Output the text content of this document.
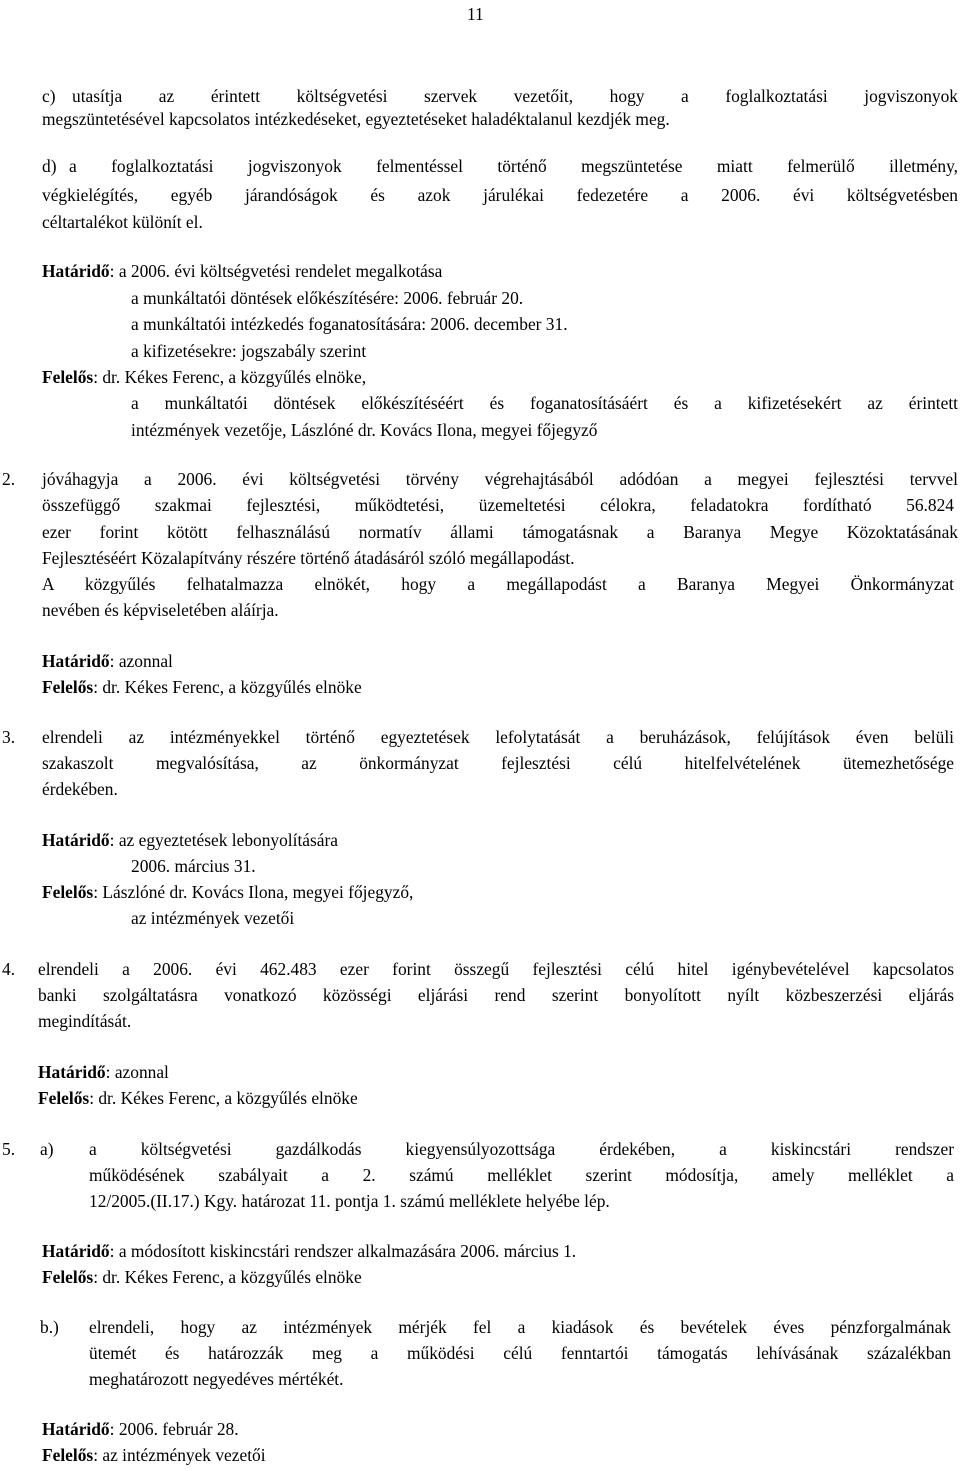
11
c) utasítja az érintett költségvetési szervek vezetőit, hogy a foglalkoztatási jogviszonyok
megszüntetésével kapcsolatos intézkedéseket, egyeztetéseket haladéktalanul kezdjék meg.
d) a foglalkoztatási jogviszonyok felmentéssel történő megszüntetése miatt felmerülő illetmény,
végkielégítés, egyéb járandóságok és azok járulékai fedezetére a 2006. évi költségvetésben
céltartalékot különít el.
Határidő: a 2006. évi költségvetési rendelet megalkotása
a munkáltatói döntések előkészítésére: 2006. február 20.
a munkáltatói intézkedés foganatosítására: 2006. december 31.
a kifizetésekre: jogszabály szerint
Felelős: dr. Kékes Ferenc, a közgyűlés elnöke,
a munkáltatói döntések előkészítéséért és foganatosításáért és a kifizetésekért az érintett
intézmények vezetője, Lászlóné dr. Kovács Ilona, megyei főjegyző
2. jóváhagyja a 2006. évi költségvetési törvény végrehajtásából adódóan a megyei fejlesztési tervvel
összefüggő szakmai fejlesztési, működtetési, üzemeltetési célokra, feladatokra fordítható 56.824
ezer forint kötött felhasználású normatív állami támogatásnak a Baranya Megye Közoktatásának
Fejlesztéséért Közalapítvány részére történő átadásáról szóló megállapodást.
A közgyűlés felhatalmazza elnökét, hogy a megállapodást a Baranya Megyei Önkormányzat
nevében és képviseletében aláírja.
Határidő: azonnal
Felelős: dr. Kékes Ferenc, a közgyűlés elnöke
3. elrendeli az intézményekkel történő egyeztetések lefolytatását a beruházások, felújítások éven belüli
szakaszolt megvalósítása, az önkormányzat fejlesztési célú hitelfelvételének ütemezhetősége
érdekében.
Határidő: az egyeztetések lebonyolítására
2006. március 31.
Felelős: Lászlóné dr. Kovács Ilona, megyei főjegyző,
az intézmények vezetői
4. elrendeli a 2006. évi 462.483 ezer forint összegű fejlesztési célú hitel igénybevételével kapcsolatos
banki szolgáltatásra vonatkozó közösségi eljárási rend szerint bonyolított nyílt közbeszerzési eljárás
megindítását.
Határidő: azonnal
Felelős: dr. Kékes Ferenc, a közgyűlés elnöke
5. a) a költségvetési gazdálkodás kiegyensúlyozottsága érdekében, a kiskincstári rendszer
működésének szabályait a 2. számú melléklet szerint módosítja, amely melléklet a
12/2005.(II.17.) Kgy. határozat 11. pontja 1. számú melléklete helyébe lép.
Határidő: a módosított kiskincstári rendszer alkalmazására 2006. március 1.
Felelős: dr. Kékes Ferenc, a közgyűlés elnöke
b.) elrendeli, hogy az intézmények mérjék fel a kiadások és bevételek éves pénzforgalmának
ütemét és határozzák meg a működési célú fenntartói támogatás lehívásának százalékban
meghatározott negyedéves mértékét.
Határidő: 2006. február 28.
Felelős: az intézmények vezetői
